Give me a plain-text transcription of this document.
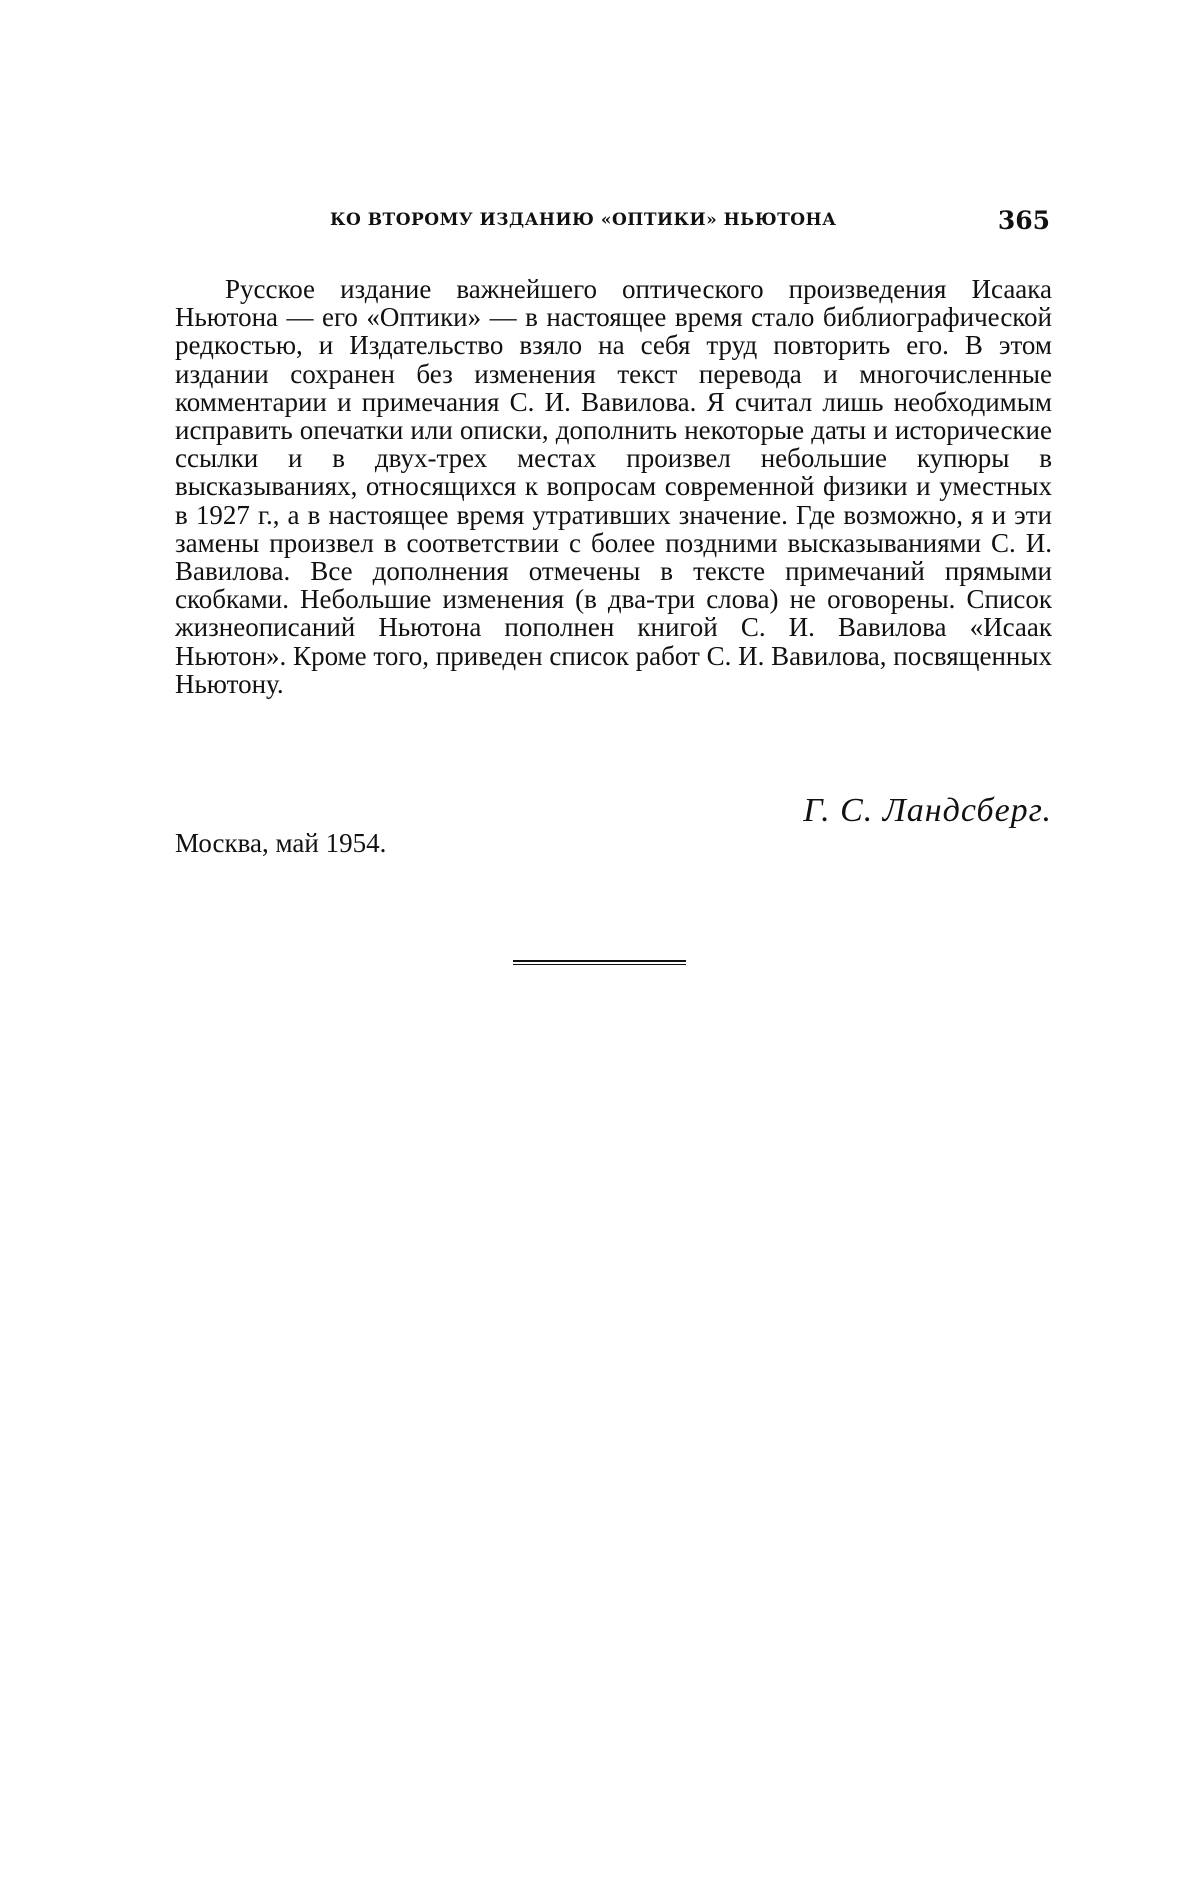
КО ВТОРОМУ ИЗДАНИЮ «ОПТИКИ» НЬЮТОНА	365

Русское издание важнейшего оптического произведения Исаака Ньютона — его «Оптики» — в настоящее время стало библиографической редкостью, и Издательство взяло на себя труд повторить его. В этом издании сохранен без изменения текст перевода и многочисленные комментарии и примечания С. И. Вавилова. Я считал лишь необходимым исправить опечатки или описки, дополнить некоторые даты и исторические ссылки и в двух-трех местах произвел небольшие купюры в высказываниях, относящихся к вопросам современной физики и уместных в 1927 г., а в настоящее время утративших значение. Где возможно, я и эти замены произвел в соответствии с более поздними высказываниями С. И. Вавилова. Все дополнения отмечены в тексте примечаний прямыми скобками. Небольшие изменения (в два-три слова) не оговорены. Список жизнеописаний Ньютона пополнен книгой С. И. Вавилова «Исаак Ньютон». Кроме того, приведен список работ С. И. Вавилова, посвященных Ньютону.

Г. С. Ландсберг.
Москва, май 1954.
